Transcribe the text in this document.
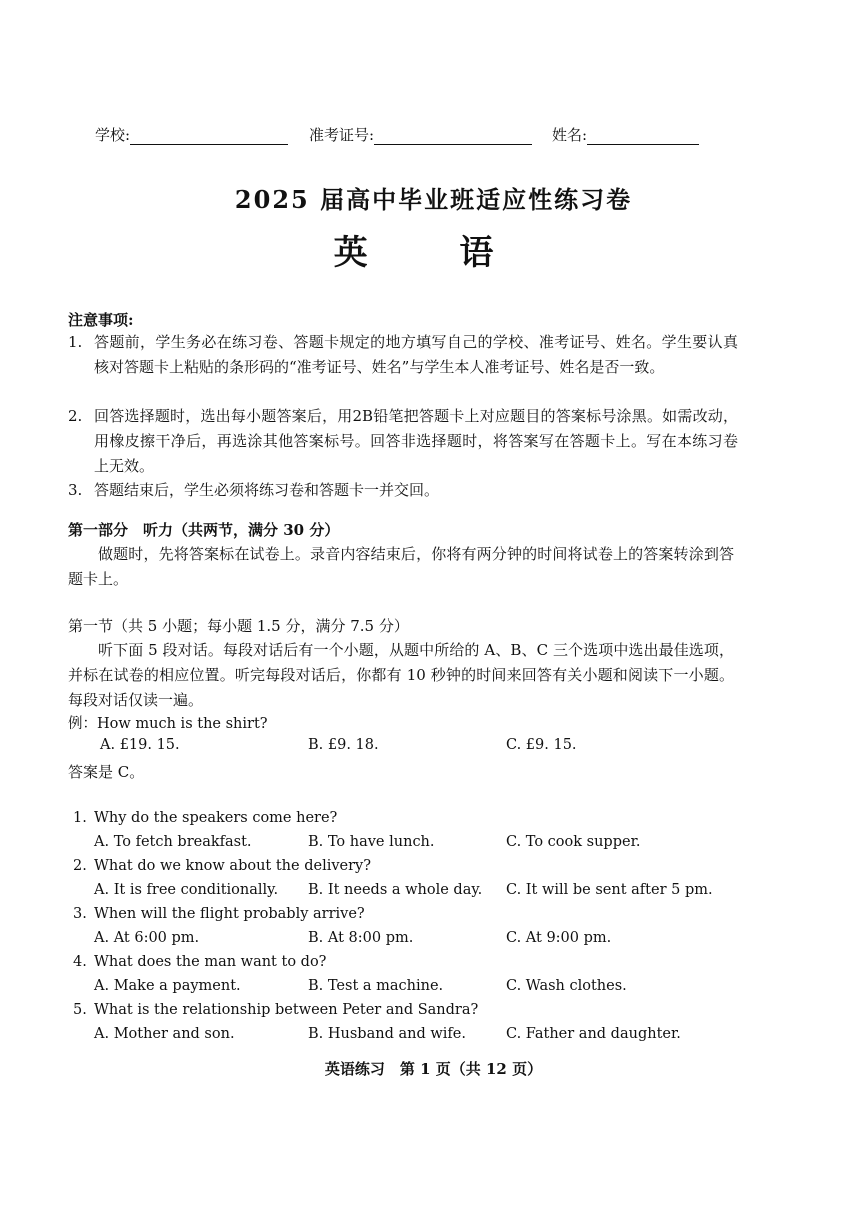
学校:	准考证号:	姓名:
2025 届高中毕业班适应性练习卷
英 语
注意事项:
1. 答题前，学生务必在练习卷、答题卡规定的地方填写自己的学校、准考证号、姓名。学生要认真核对答题卡上粘贴的条形码的“准考证号、姓名”与学生本人准考证号、姓名是否一致。
2. 回答选择题时，选出每小题答案后，用2B铅笔把答题卡上对应题目的答案标号涂黑。如需改动，用橡皮擦干净后，再选涂其他答案标号。回答非选择题时，将答案写在答题卡上。写在本练习卷上无效。
3. 答题结束后，学生必须将练习卷和答题卡一并交回。
第一部分　听力（共两节，满分 30 分）
做题时，先将答案标在试卷上。录音内容结束后，你将有两分钟的时间将试卷上的答案转涂到答题卡上。
第一节（共 5 小题；每小题 1.5 分，满分 7.5 分）
听下面 5 段对话。每段对话后有一个小题，从题中所给的 A、B、C 三个选项中选出最佳选项，并标在试卷的相应位置。听完每段对话后，你都有 10 秒钟的时间来回答有关小题和阅读下一小题。每段对话仅读一遍。
例：How much is the shirt?
A. £19. 15.	B. £9. 18.	C. £9. 15.
答案是 C。
1. Why do the speakers come here?
A. To fetch breakfast.	B. To have lunch.	C. To cook supper.
2. What do we know about the delivery?
A. It is free conditionally. B. It needs a whole day. C. It will be sent after 5 pm.
3. When will the flight probably arrive?
A. At 6:00 pm.	B. At 8:00 pm.	C. At 9:00 pm.
4. What does the man want to do?
A. Make a payment.	B. Test a machine.	C. Wash clothes.
5. What is the relationship between Peter and Sandra?
A. Mother and son.	B. Husband and wife.	C. Father and daughter.
英语练习　第 1 页（共 12 页）
